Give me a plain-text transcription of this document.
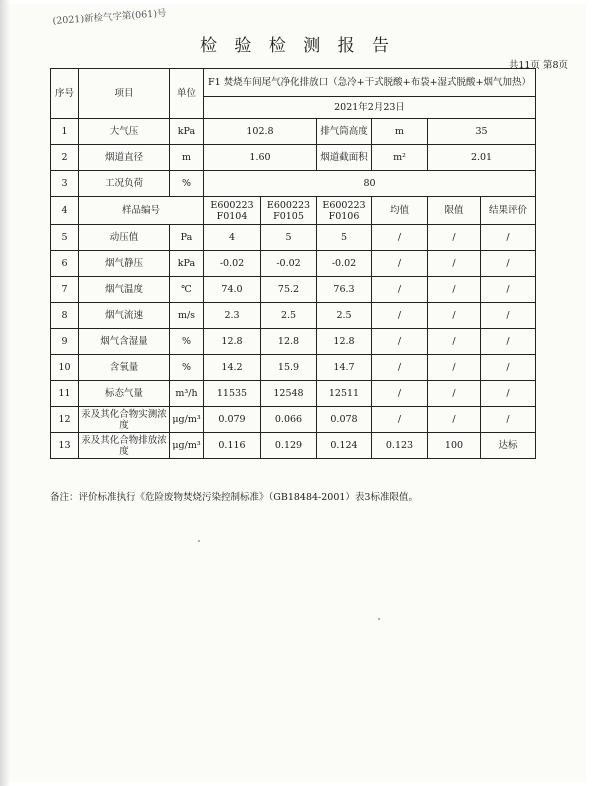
(2021)新检气字第(061)号
检 验 检 测 报 告
共11页 第8页
序号	项目	单位	F1 焚烧车间尾气净化排放口（急冷+干式脱酸+布袋+湿式脱酸+烟气加热）					
			2021年2月23日					
1	大气压	kPa	102.8		排气筒高度	m	35	
2	烟道直径	m	1.60		烟道截面积	m²	2.01	
3	工况负荷	%	80					
4	样品编号		E600223 F0104	E600223 F0105	E600223 F0106	均值	限值	结果评价
5	动压值	Pa	4	5	5	/	/	/
6	烟气静压	kPa	-0.02	-0.02	-0.02	/	/	/
7	烟气温度	℃	74.0	75.2	76.3	/	/	/
8	烟气流速	m/s	2.3	2.5	2.5	/	/	/
9	烟气含湿量	%	12.8	12.8	12.8	/	/	/
10	含氧量	%	14.2	15.9	14.7	/	/	/
11	标态气量	m³/h	11535	12548	12511	/	/	/
12	汞及其化合物实测浓度	μg/m³	0.079	0.066	0.078	/	/	/
13	汞及其化合物排放浓度	μg/m³	0.116	0.129	0.124	0.123	100	达标
备注：评价标准执行《危险废物焚烧污染控制标准》（GB18484-2001）表3标准限值。
